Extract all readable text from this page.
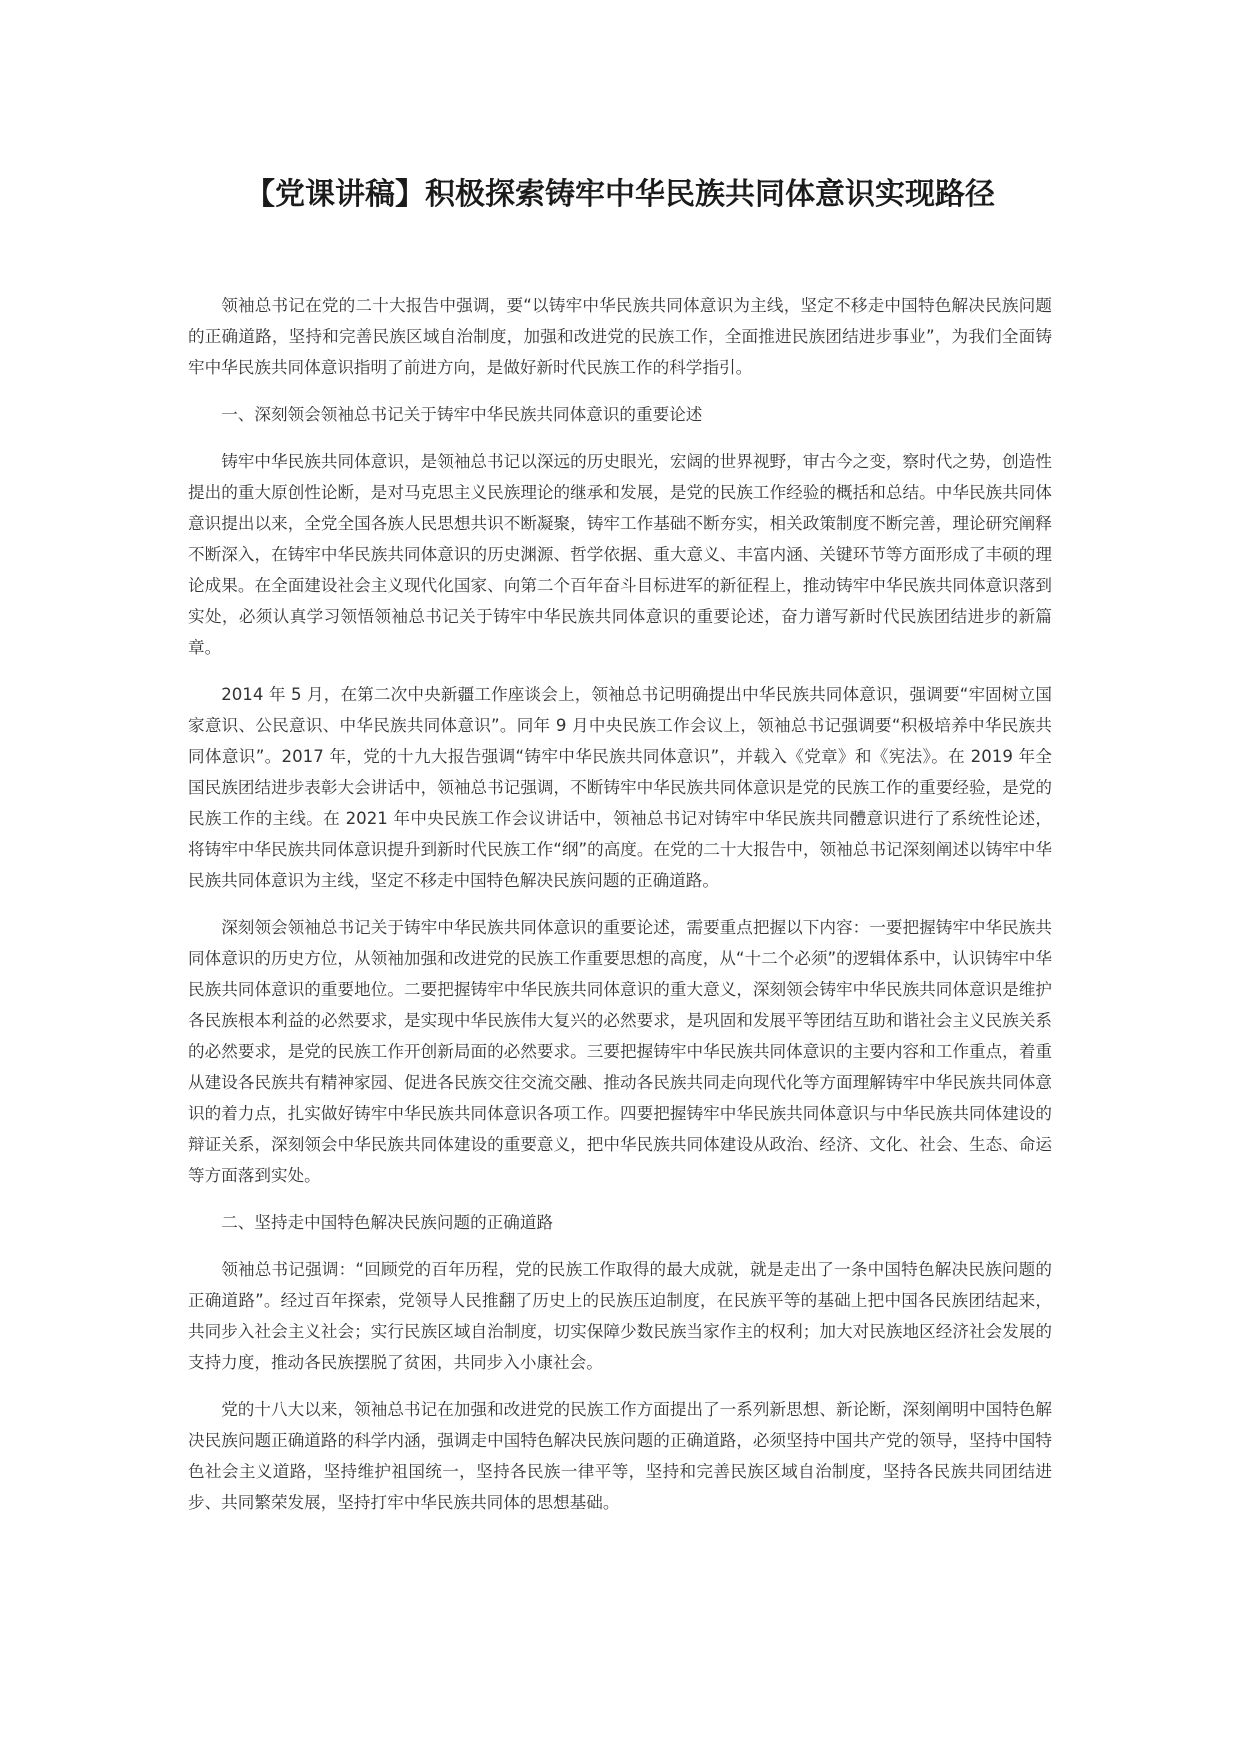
【党课讲稿】积极探索铸牢中华民族共同体意识实现路径

领袖总书记在党的二十大报告中强调，要“以铸牢中华民族共同体意识为主线，坚定不移走中国特色解决民族问题的正确道路，坚持和完善民族区域自治制度，加强和改进党的民族工作，全面推进民族团结进步事业”，为我们全面铸牢中华民族共同体意识指明了前进方向，是做好新时代民族工作的科学指引。

一、深刻领会领袖总书记关于铸牢中华民族共同体意识的重要论述

铸牢中华民族共同体意识，是领袖总书记以深远的历史眼光，宏阔的世界视野，审古今之变，察时代之势，创造性提出的重大原创性论断，是对马克思主义民族理论的继承和发展，是党的民族工作经验的概括和总结。中华民族共同体意识提出以来，全党全国各族人民思想共识不断凝聚，铸牢工作基础不断夯实，相关政策制度不断完善，理论研究阐释不断深入，在铸牢中华民族共同体意识的历史渊源、哲学依据、重大意义、丰富内涵、关键环节等方面形成了丰硕的理论成果。在全面建设社会主义现代化国家、向第二个百年奋斗目标进军的新征程上，推动铸牢中华民族共同体意识落到实处，必须认真学习领悟领袖总书记关于铸牢中华民族共同体意识的重要论述，奋力谱写新时代民族团结进步的新篇章。

2014 年 5 月，在第二次中央新疆工作座谈会上，领袖总书记明确提出中华民族共同体意识，强调要“牢固树立国家意识、公民意识、中华民族共同体意识”。同年 9 月中央民族工作会议上，领袖总书记强调要“积极培养中华民族共同体意识”。2017 年，党的十九大报告强调“铸牢中华民族共同体意识”，并载入《党章》和《宪法》。在 2019 年全国民族团结进步表彰大会讲话中，领袖总书记强调，不断铸牢中华民族共同体意识是党的民族工作的重要经验，是党的民族工作的主线。在 2021 年中央民族工作会议讲话中，领袖总书记对铸牢中华民族共同體意识进行了系统性论述，将铸牢中华民族共同体意识提升到新时代民族工作“纲”的高度。在党的二十大报告中，领袖总书记深刻阐述以铸牢中华民族共同体意识为主线，坚定不移走中国特色解决民族问题的正确道路。

深刻领会领袖总书记关于铸牢中华民族共同体意识的重要论述，需要重点把握以下内容：一要把握铸牢中华民族共同体意识的历史方位，从领袖加强和改进党的民族工作重要思想的高度，从“十二个必须”的逻辑体系中，认识铸牢中华民族共同体意识的重要地位。二要把握铸牢中华民族共同体意识的重大意义，深刻领会铸牢中华民族共同体意识是维护各民族根本利益的必然要求，是实现中华民族伟大复兴的必然要求，是巩固和发展平等团结互助和谐社会主义民族关系的必然要求，是党的民族工作开创新局面的必然要求。三要把握铸牢中华民族共同体意识的主要内容和工作重点，着重从建设各民族共有精神家园、促进各民族交往交流交融、推动各民族共同走向现代化等方面理解铸牢中华民族共同体意识的着力点，扎实做好铸牢中华民族共同体意识各项工作。四要把握铸牢中华民族共同体意识与中华民族共同体建设的辩证关系，深刻领会中华民族共同体建设的重要意义，把中华民族共同体建设从政治、经济、文化、社会、生态、命运等方面落到实处。

二、坚持走中国特色解决民族问题的正确道路

领袖总书记强调：“回顾党的百年历程，党的民族工作取得的最大成就，就是走出了一条中国特色解决民族问题的正确道路”。经过百年探索，党领导人民推翻了历史上的民族压迫制度，在民族平等的基础上把中国各民族团结起来，共同步入社会主义社会；实行民族区域自治制度，切实保障少数民族当家作主的权利；加大对民族地区经济社会发展的支持力度，推动各民族摆脱了贫困，共同步入小康社会。

党的十八大以来，领袖总书记在加强和改进党的民族工作方面提出了一系列新思想、新论断，深刻阐明中国特色解决民族问题正确道路的科学内涵，强调走中国特色解决民族问题的正确道路，必须坚持中国共产党的领导，坚持中国特色社会主义道路，坚持维护祖国统一，坚持各民族一律平等，坚持和完善民族区域自治制度，坚持各民族共同团结进步、共同繁荣发展，坚持打牢中华民族共同体的思想基础。
